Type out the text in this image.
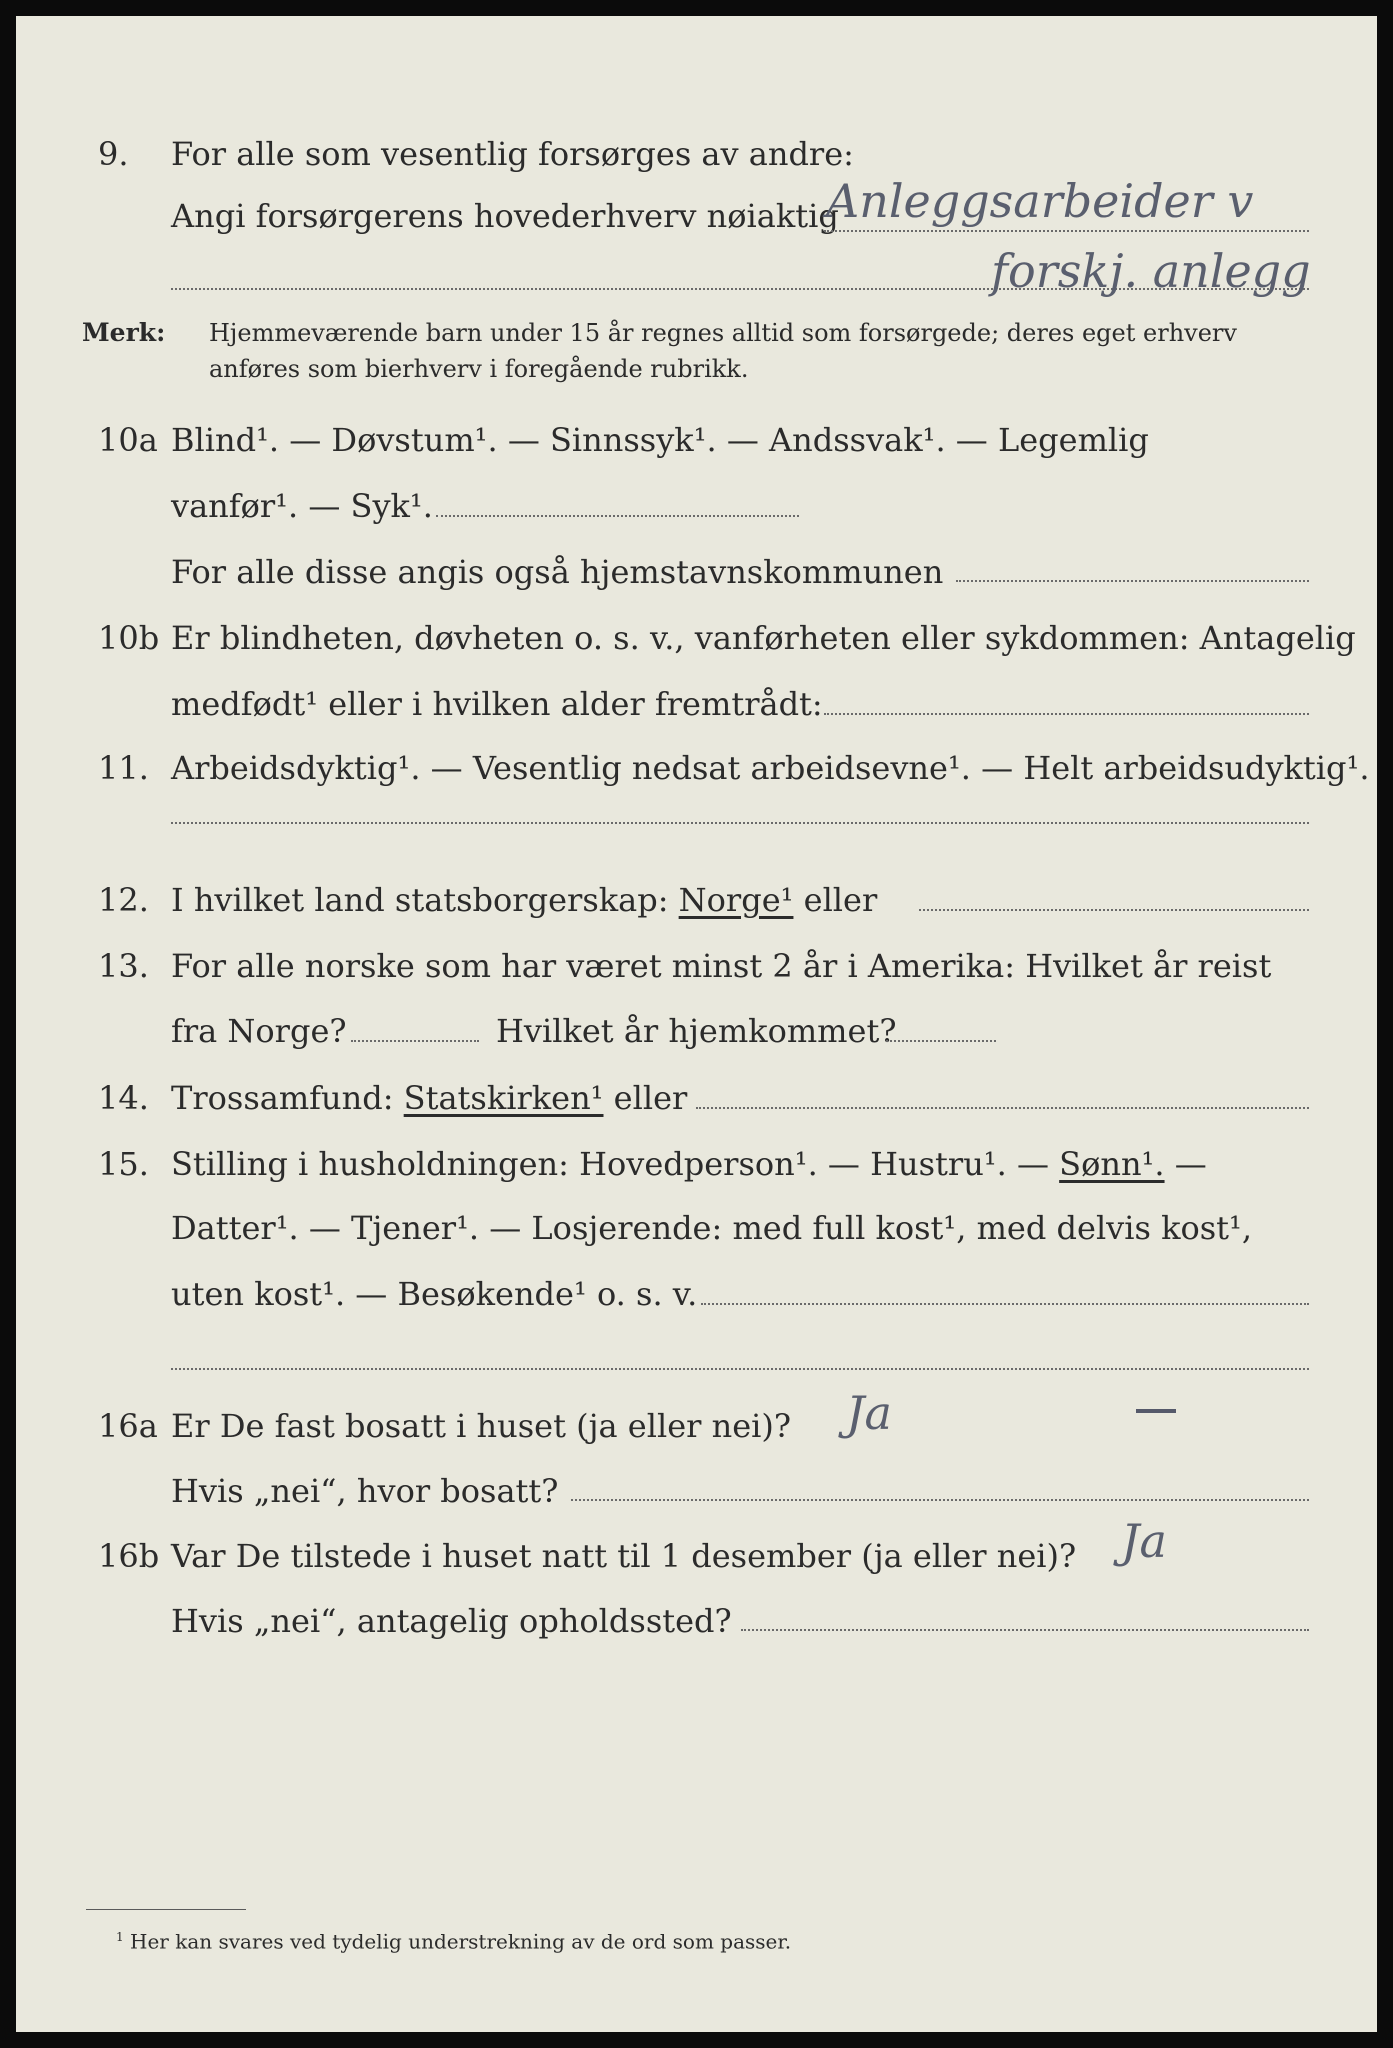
9. For alle som vesentlig forsørges av andre:
Angi forsørgerens hovederhverv nøiaktig
Anleggsarbeider v
forskj. anlegg
Merk: Hjemmeværende barn under 15 år regnes alltid som forsørgede; deres eget erhverv
anføres som bierhverv i foregående rubrikk.
10a Blind¹. — Døvstum¹. — Sinnssyk¹. — Andssvak¹. — Legemlig
vanfør¹. — Syk¹.
For alle disse angis også hjemstavnskommunen
10b Er blindheten, døvheten o. s. v., vanførheten eller sykdommen: Antagelig
medfødt¹ eller i hvilken alder fremtrådt:
11. Arbeidsdyktig¹. — Vesentlig nedsat arbeidsevne¹. — Helt arbeidsudyktig¹.
12. I hvilket land statsborgerskap: Norge¹ eller
13. For alle norske som har været minst 2 år i Amerika: Hvilket år reist
fra Norge?	Hvilket år hjemkommet?
14. Trossamfund: Statskirken¹ eller
15. Stilling i husholdningen: Hovedperson¹. — Hustru¹. — Sønn¹. —
Datter¹. — Tjener¹. — Losjerende: med full kost¹, med delvis kost¹,
uten kost¹. — Besøkende¹ o. s. v.
16a Er De fast bosatt i huset (ja eller nei)? Ja
Hvis „nei“, hvor bosatt?
16b Var De tilstede i huset natt til 1 desember (ja eller nei)? Ja
Hvis „nei“, antagelig opholdssted?
$^1$ Her kan svares ved tydelig understrekning av de ord som passer.
